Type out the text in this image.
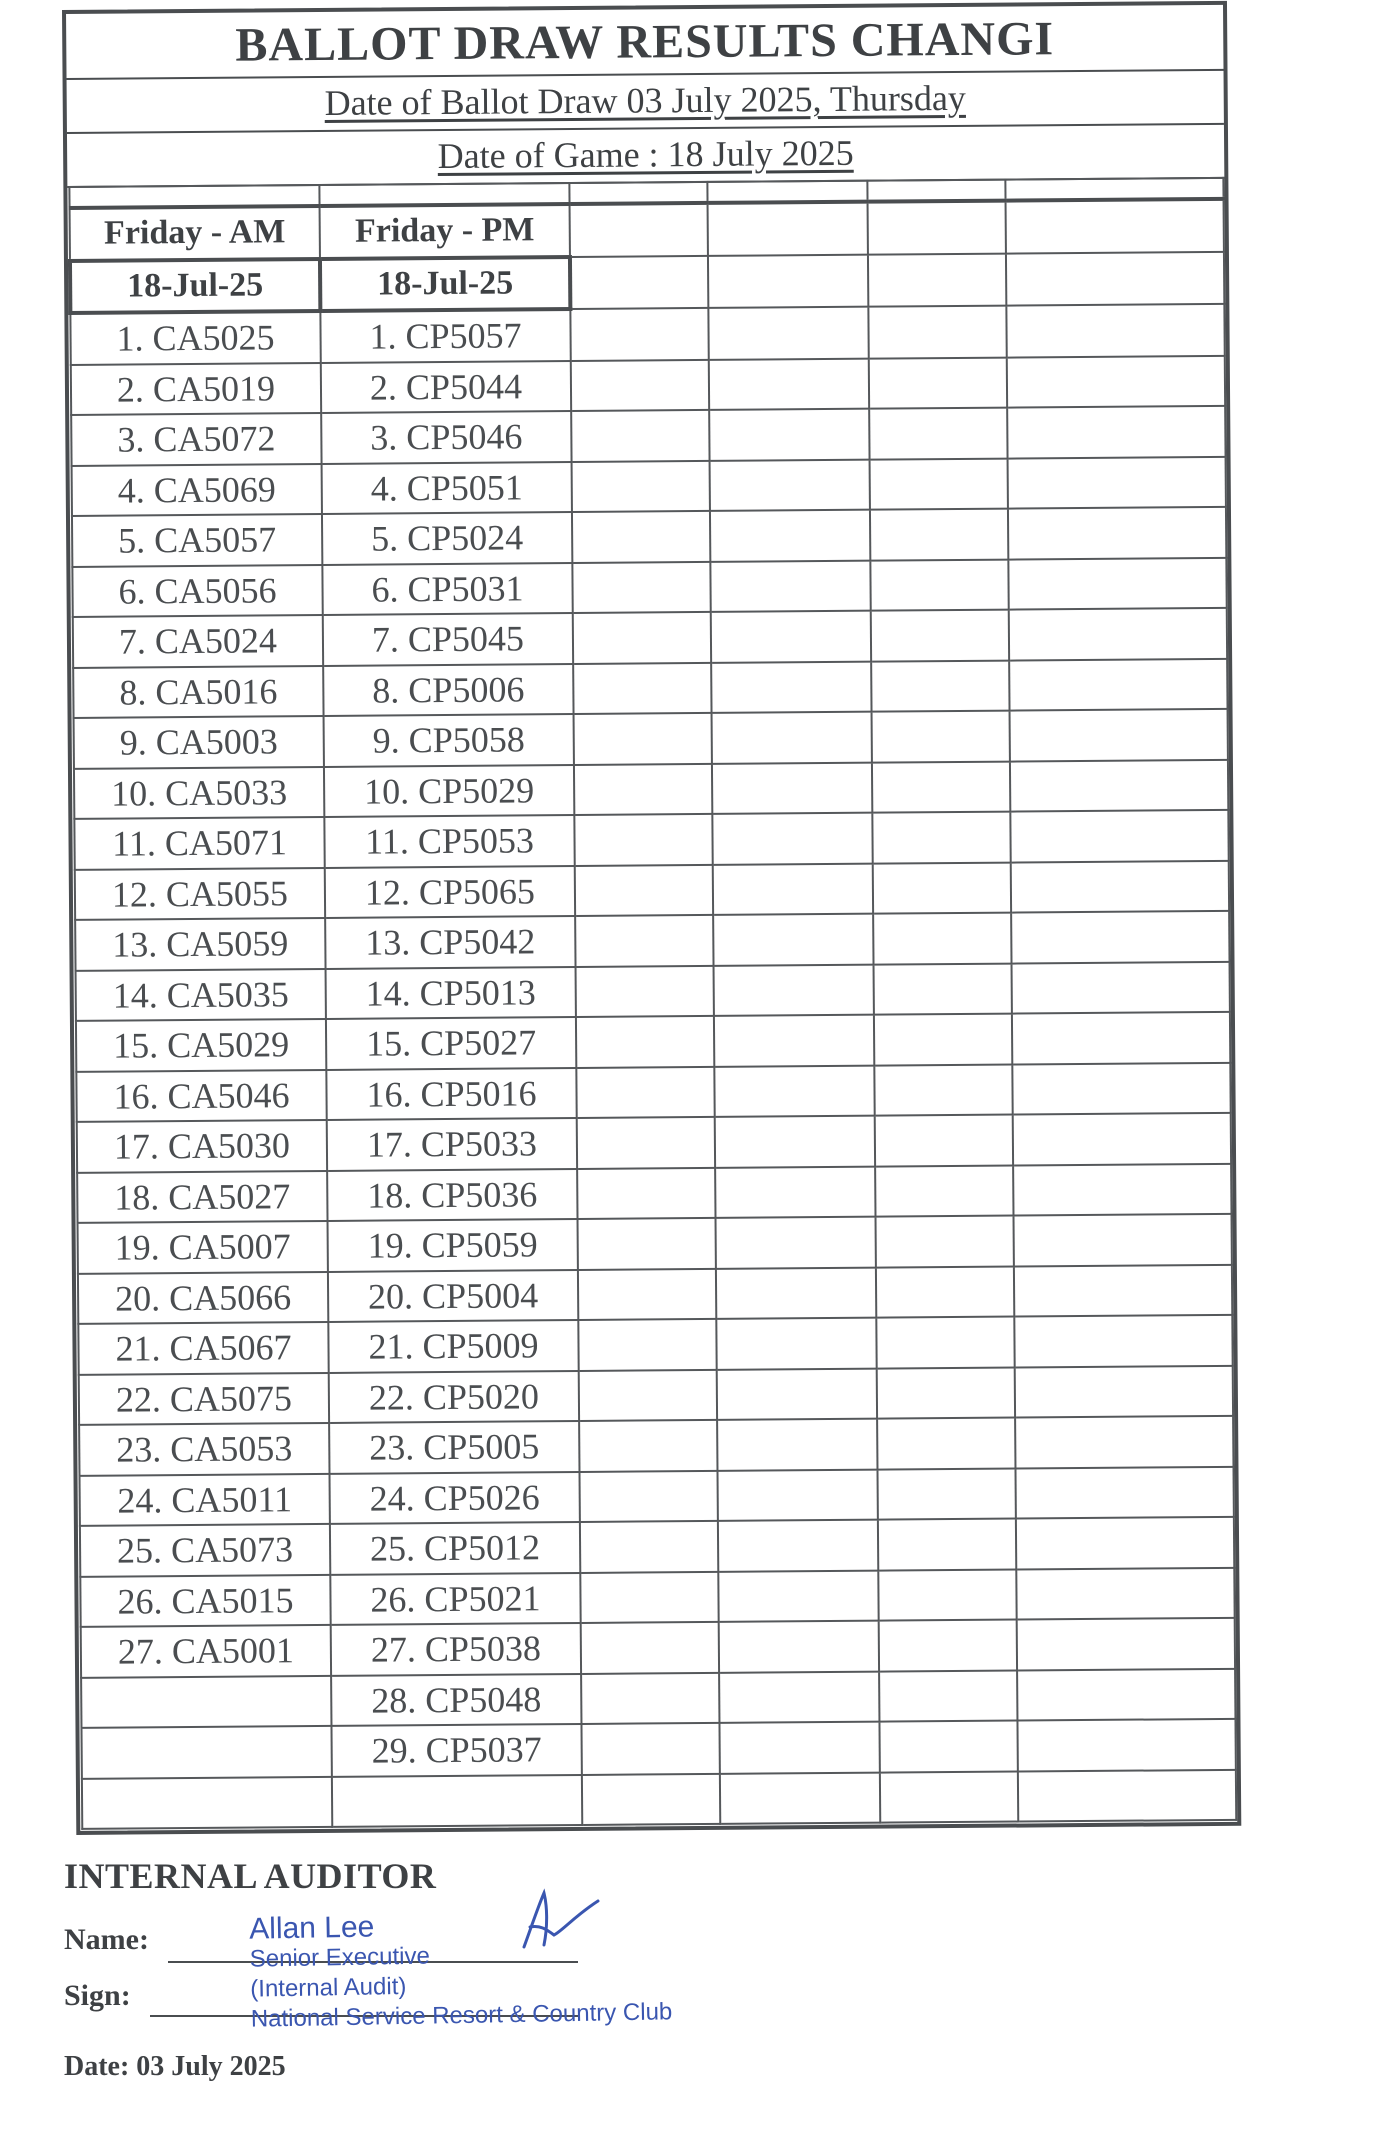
BALLOT DRAW RESULTS CHANGI
Date of Ballot Draw 03 July 2025, Thursday
Date of Game : 18 July 2025

Friday - AM	Friday - PM				
18-Jul-25	18-Jul-25				
1. CA5025	1. CP5057				
2. CA5019	2. CP5044				
3. CA5072	3. CP5046				
4. CA5069	4. CP5051				
5. CA5057	5. CP5024				
6. CA5056	6. CP5031				
7. CA5024	7. CP5045				
8. CA5016	8. CP5006				
9. CA5003	9. CP5058				
10. CA5033	10. CP5029				
11. CA5071	11. CP5053				
12. CA5055	12. CP5065				
13. CA5059	13. CP5042				
14. CA5035	14. CP5013				
15. CA5029	15. CP5027				
16. CA5046	16. CP5016				
17. CA5030	17. CP5033				
18. CA5027	18. CP5036				
19. CA5007	19. CP5059				
20. CA5066	20. CP5004				
21. CA5067	21. CP5009				
22. CA5075	22. CP5020				
23. CA5053	23. CP5005				
24. CA5011	24. CP5026				
25. CA5073	25. CP5012				
26. CA5015	26. CP5021				
27. CA5001	27. CP5038				
	28. CP5048				
	29. CP5037				

INTERNAL AUDITOR
Name:
Sign:
Date: 03 July 2025
Allan Lee
Senior Executive
(Internal Audit)
National Service Resort & Country Club
